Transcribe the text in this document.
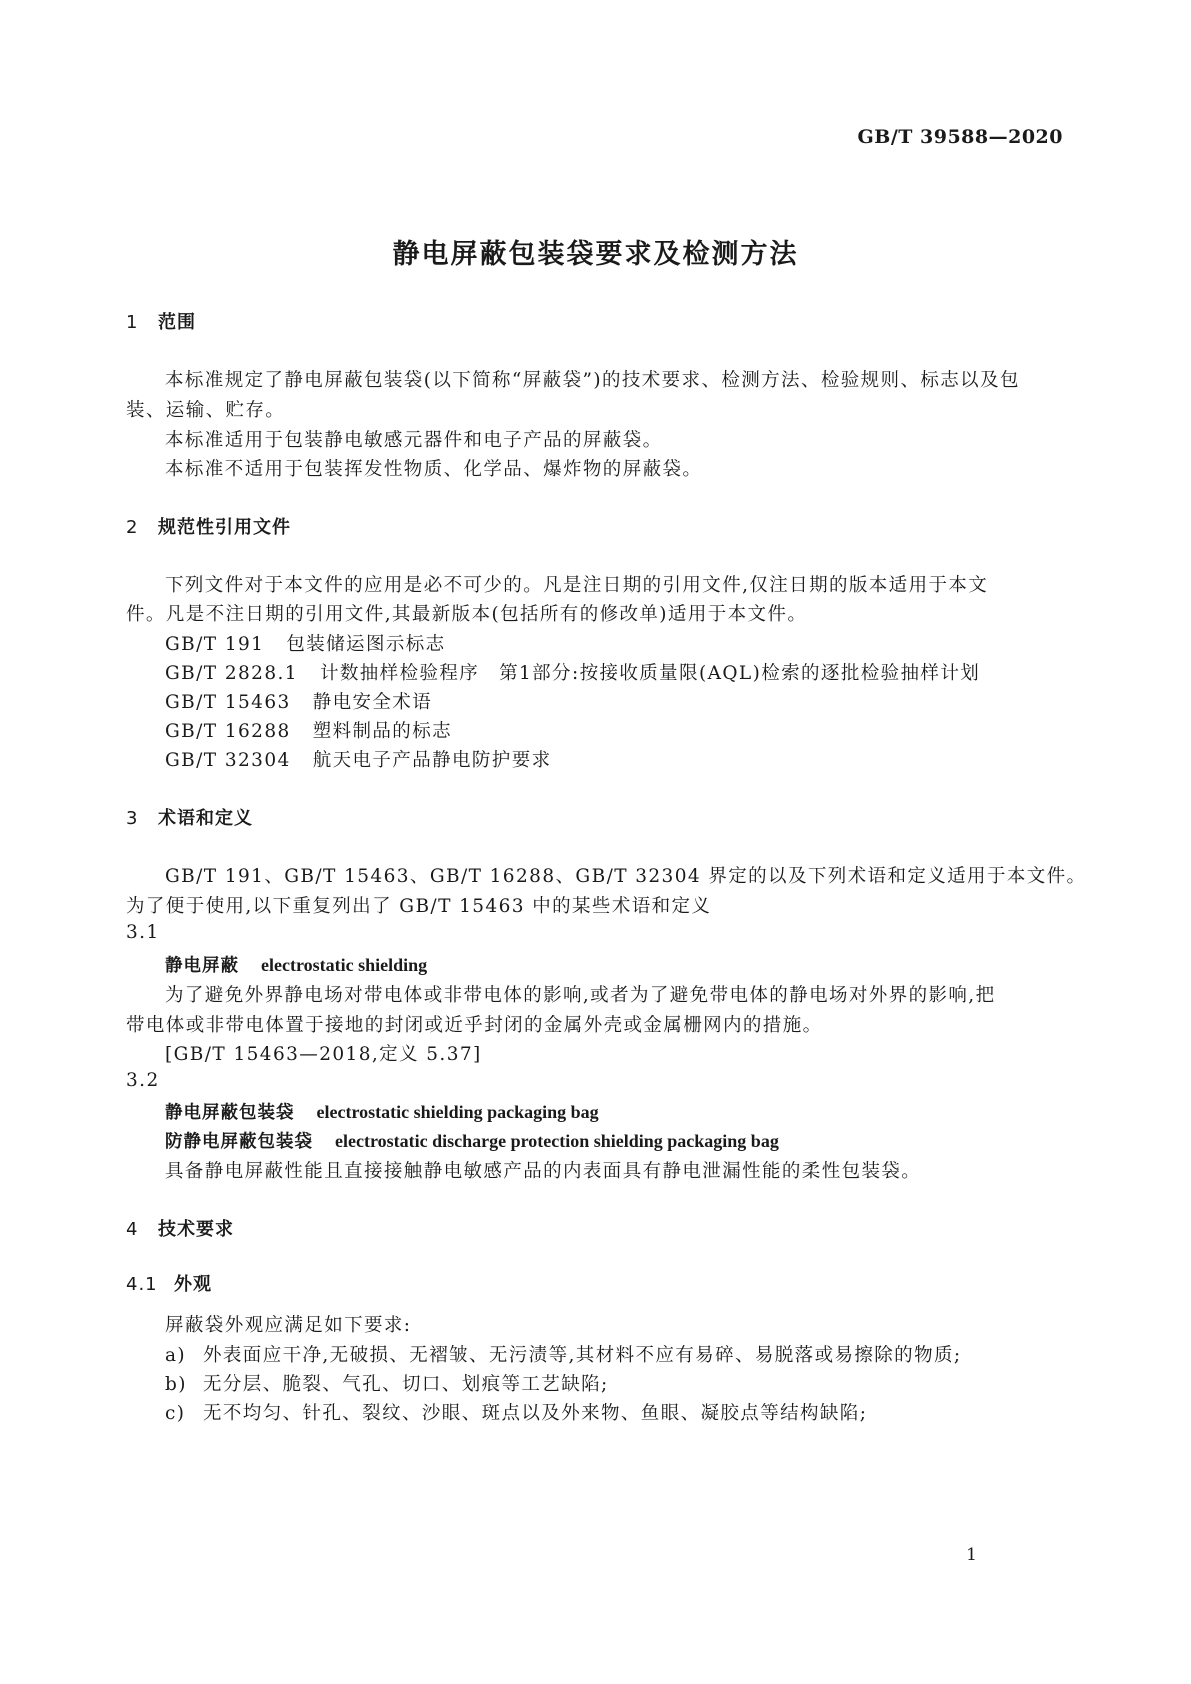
GB/T 39588—2020
静电屏蔽包装袋要求及检测方法
1 范围
本标准规定了静电屏蔽包装袋(以下简称“屏蔽袋”)的技术要求、检测方法、检验规则、标志以及包
装、运输、贮存。
本标准适用于包装静电敏感元器件和电子产品的屏蔽袋。
本标准不适用于包装挥发性物质、化学品、爆炸物的屏蔽袋。
2 规范性引用文件
下列文件对于本文件的应用是必不可少的。凡是注日期的引用文件,仅注日期的版本适用于本文
件。凡是不注日期的引用文件,其最新版本(包括所有的修改单)适用于本文件。
GB/T 191 包装储运图示标志
GB/T 2828.1 计数抽样检验程序　第1部分:按接收质量限(AQL)检索的逐批检验抽样计划
GB/T 15463 静电安全术语
GB/T 16288 塑料制品的标志
GB/T 32304 航天电子产品静电防护要求
3 术语和定义
GB/T 191、GB/T 15463、GB/T 16288、GB/T 32304 界定的以及下列术语和定义适用于本文件。
为了便于使用,以下重复列出了 GB/T 15463 中的某些术语和定义
3.1
静电屏蔽 electrostatic shielding
为了避免外界静电场对带电体或非带电体的影响,或者为了避免带电体的静电场对外界的影响,把
带电体或非带电体置于接地的封闭或近乎封闭的金属外壳或金属栅网内的措施。
[GB/T 15463—2018,定义 5.37]
3.2
静电屏蔽包装袋 electrostatic shielding packaging bag
防静电屏蔽包装袋 electrostatic discharge protection shielding packaging bag
具备静电屏蔽性能且直接接触静电敏感产品的内表面具有静电泄漏性能的柔性包装袋。
4 技术要求
4.1 外观
屏蔽袋外观应满足如下要求:
a) 外表面应干净,无破损、无褶皱、无污渍等,其材料不应有易碎、易脱落或易擦除的物质;
b) 无分层、脆裂、气孔、切口、划痕等工艺缺陷;
c) 无不均匀、针孔、裂纹、沙眼、斑点以及外来物、鱼眼、凝胶点等结构缺陷;
1
